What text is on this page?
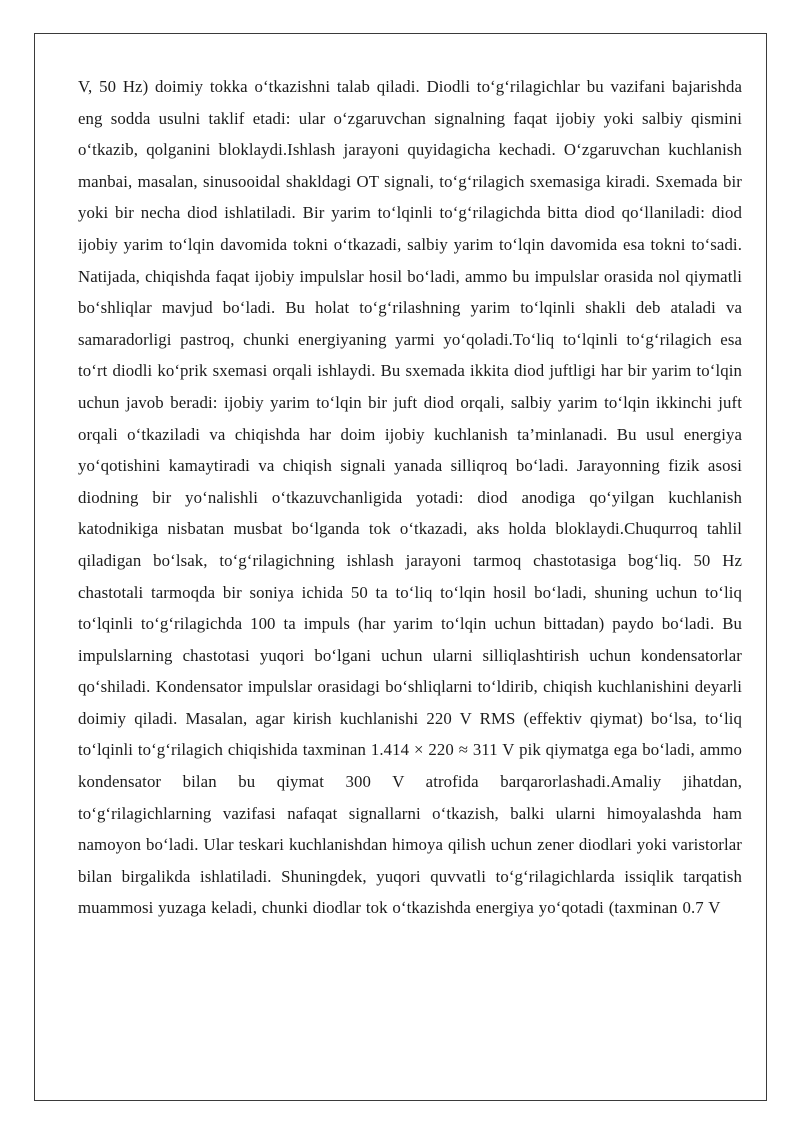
V, 50 Hz) doimiy tokka o‘tkazishni talab qiladi. Diodli to‘g‘rilagichlar bu vazifani bajarishda eng sodda usulni taklif etadi: ular o‘zgaruvchan signalning faqat ijobiy yoki salbiy qismini o‘tkazib, qolganini bloklaydi.Ishlash jarayoni quyidagicha kechadi. O‘zgaruvchan kuchlanish manbai, masalan, sinusooidal shakldagi OT signali, to‘g‘rilagich sxemasiga kiradi. Sxemada bir yoki bir necha diod ishlatiladi. Bir yarim to‘lqinli to‘g‘rilagichda bitta diod qo‘llaniladi: diod ijobiy yarim to‘lqin davomida tokni o‘tkazadi, salbiy yarim to‘lqin davomida esa tokni to‘sadi. Natijada, chiqishda faqat ijobiy impulslar hosil bo‘ladi, ammo bu impulslar orasida nol qiymatli bo‘shliqlar mavjud bo‘ladi. Bu holat to‘g‘rilashning yarim to‘lqinli shakli deb ataladi va samaradorligi pastroq, chunki energiyaning yarmi yo‘qoladi.To‘liq to‘lqinli to‘g‘rilagich esa to‘rt diodli ko‘prik sxemasi orqali ishlaydi. Bu sxemada ikkita diod juftligi har bir yarim to‘lqin uchun javob beradi: ijobiy yarim to‘lqin bir juft diod orqali, salbiy yarim to‘lqin ikkinchi juft orqali o‘tkaziladi va chiqishda har doim ijobiy kuchlanish ta’minlanadi. Bu usul energiya yo‘qotishini kamaytiradi va chiqish signali yanada silliqroq bo‘ladi. Jarayonning fizik asosi diodning bir yo‘nalishli o‘tkazuvchanligida yotadi: diod anodiga qo‘yilgan kuchlanish katodnikiga nisbatan musbat bo‘lganda tok o‘tkazadi, aks holda bloklaydi.Chuqurroq tahlil qiladigan bo‘lsak, to‘g‘rilagichning ishlash jarayoni tarmoq chastotasiga bog‘liq. 50 Hz chastotali tarmoqda bir soniya ichida 50 ta to‘liq to‘lqin hosil bo‘ladi, shuning uchun to‘liq to‘lqinli to‘g‘rilagichda 100 ta impuls (har yarim to‘lqin uchun bittadan) paydo bo‘ladi. Bu impulslarning chastotasi yuqori bo‘lgani uchun ularni silliqlashtirish uchun kondensatorlar qo‘shiladi. Kondensator impulslar orasidagi bo‘shliqlarni to‘ldirib, chiqish kuchlanishini deyarli doimiy qiladi. Masalan, agar kirish kuchlanishi 220 V RMS (effektiv qiymat) bo‘lsa, to‘liq to‘lqinli to‘g‘rilagich chiqishida taxminan 1.414 × 220 ≈ 311 V pik qiymatga ega bo‘ladi, ammo kondensator bilan bu qiymat 300 V atrofida barqarorlashadi.Amaliy jihatdan, to‘g‘rilagichlarning vazifasi nafaqat signallarni o‘tkazish, balki ularni himoyalashda ham namoyon bo‘ladi. Ular teskari kuchlanishdan himoya qilish uchun zener diodlari yoki varistorlar bilan birgalikda ishlatiladi. Shuningdek, yuqori quvvatli to‘g‘rilagichlarda issiqlik tarqatish muammosi yuzaga keladi, chunki diodlar tok o‘tkazishda energiya yo‘qotadi (taxminan 0.7 V
